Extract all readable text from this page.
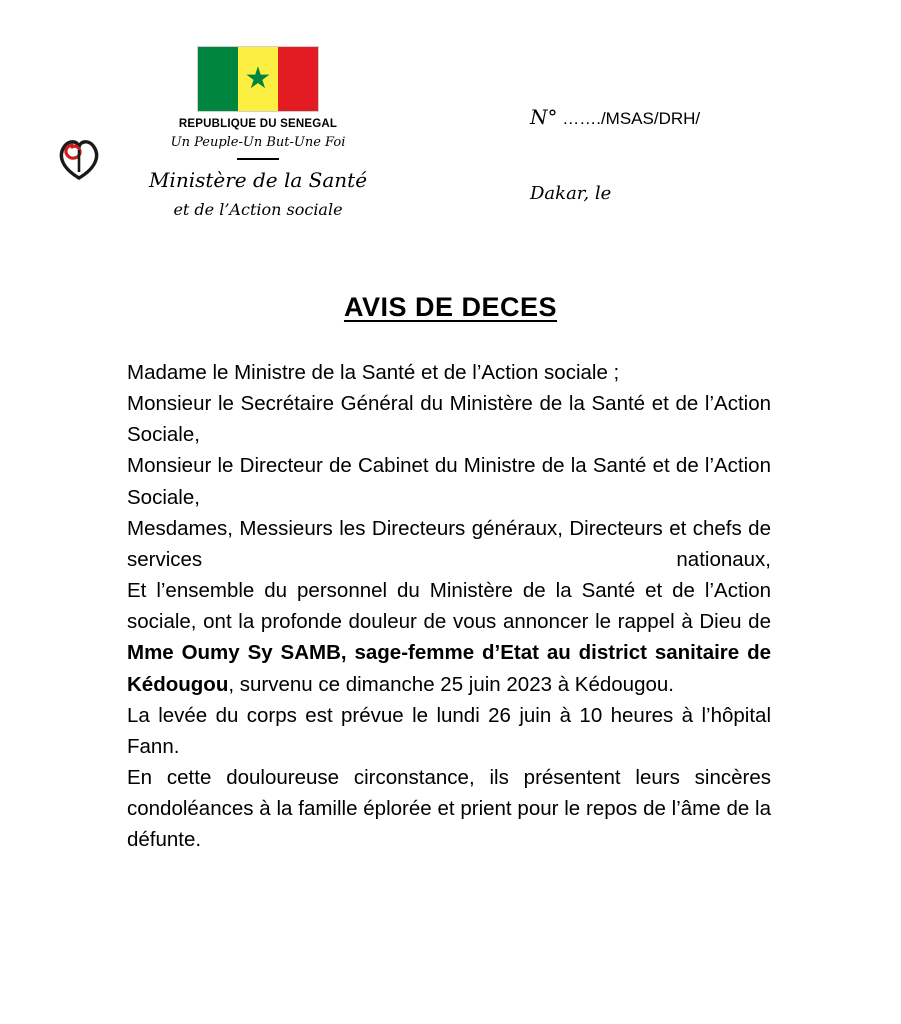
★
REPUBLIQUE DU SENEGAL
Un Peuple-Un But-Une Foi
Ministère de la Santé
et de l’Action sociale
N° ……./MSAS/DRH/
Dakar, le
AVIS DE DECES

Madame le Ministre de la Santé et de l’Action sociale ;

Monsieur le Secrétaire Général du Ministère de la Santé et de l’Action Sociale,

Monsieur le Directeur de Cabinet du Ministre de la Santé et de l’Action Sociale,

Mesdames, Messieurs les Directeurs généraux, Directeurs et chefs de services nationaux,

Et l’ensemble du personnel du Ministère de la Santé et de l’Action sociale, ont la profonde douleur de vous annoncer le rappel à Dieu de Mme Oumy Sy SAMB, sage-femme d’Etat au district sanitaire de Kédougou, survenu ce dimanche 25 juin 2023 à Kédougou.

La levée du corps est prévue le lundi 26 juin à 10 heures à l’hôpital Fann.

En cette douloureuse circonstance, ils présentent leurs sincères condoléances à la famille éplorée et prient pour le repos de l’âme de la défunte.
